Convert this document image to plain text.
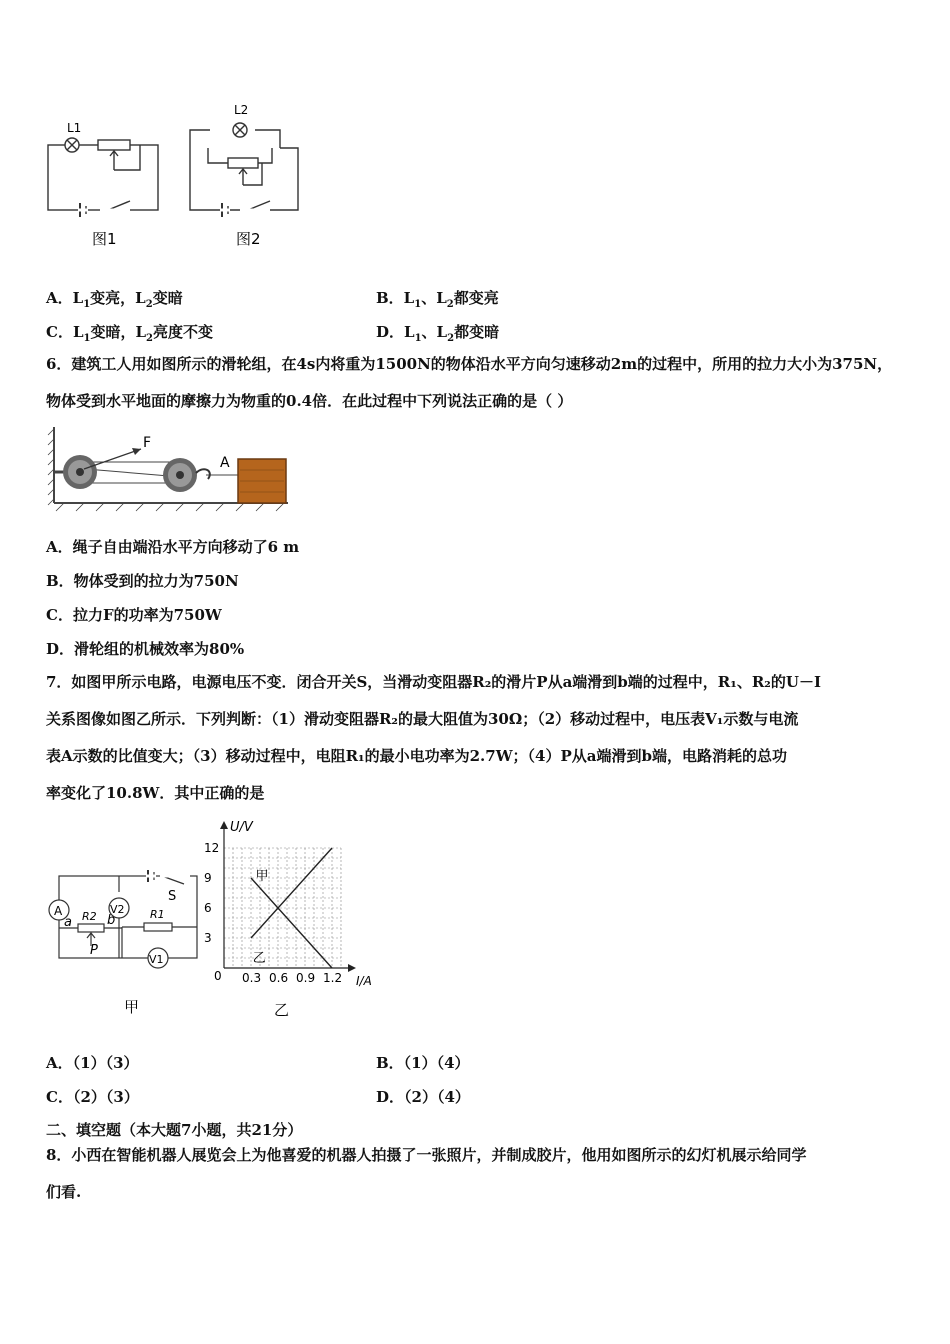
L1
图1
L2
图2
A．$L_1$变亮，$L_2$变暗	B．$L_1$、$L_2$都变亮
C．$L_1$变暗，$L_2$亮度不变	D．$L_1$、$L_2$都变暗
6．建筑工人用如图所示的滑轮组，在4s内将重为1500N的物体沿水平方向匀速移动2m的过程中，所用的拉力大小为375N，物体受到水平地面的摩擦力为物重的0.4倍．在此过程中下列说法正确的是（ ）
F
A
A．绳子自由端沿水平方向移动了6 m
B．物体受到的拉力为750N
C．拉力F的功率为750W
D．滑轮组的机械效率为80%
7．如图甲所示电路，电源电压不变．闭合开关S，当滑动变阻器R₂的滑片P从a端滑到b端的过程中，R₁、R₂的U－I
关系图像如图乙所示．下列判断：（1）滑动变阻器R₂的最大阻值为30Ω；（2）移动过程中，电压表V₁示数与电流
表A示数的比值变大；（3）移动过程中，电阻R₁的最小电功率为2.7W；（4）P从a端滑到b端，电路消耗的总功
率变化了10.8W．其中正确的是
S
A	V2
R2
a	b
P
R1
V1
甲
U/V
I/A
0
乙
12
9
6
3
0.3 0.6 0.9 1.2
甲
乙
A．（1）（3）	B．（1）（4）
C．（2）（3）	D．（2）（4）
二、填空题（本大题7小题，共21分）
8．小西在智能机器人展览会上为他喜爱的机器人拍摄了一张照片，并制成胶片，他用如图所示的幻灯机展示给同学
们看.
